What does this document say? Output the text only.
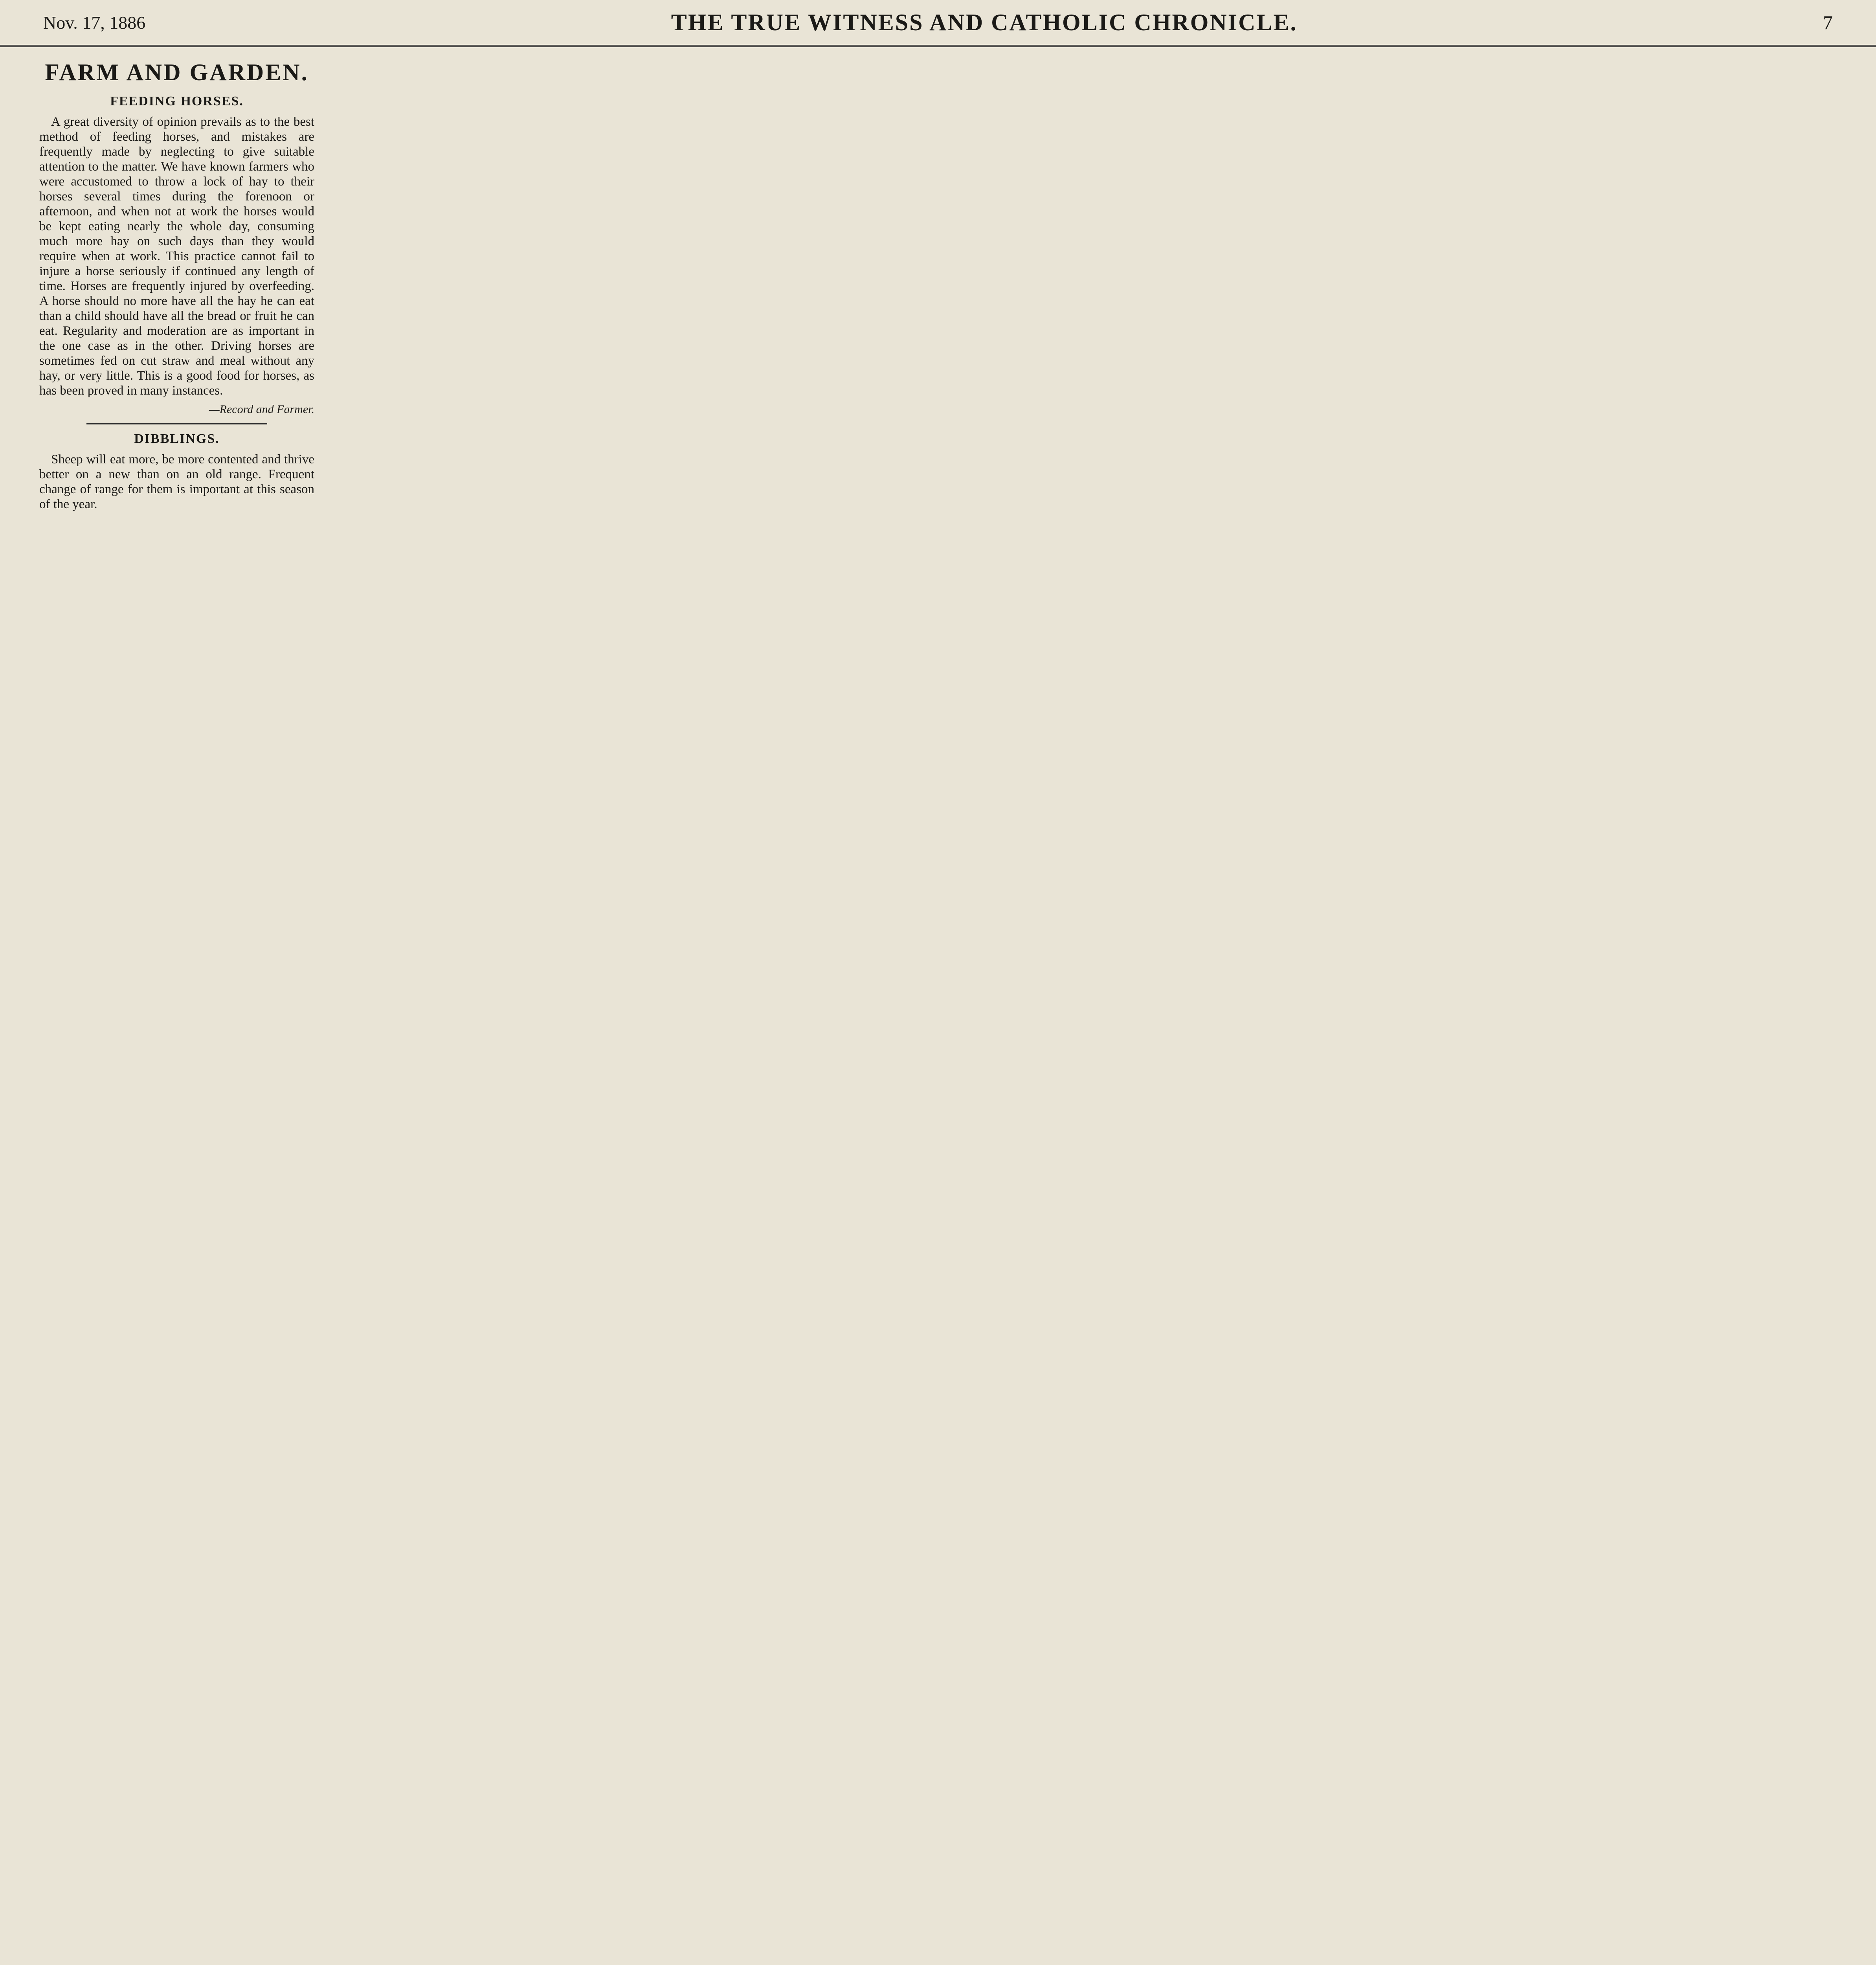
Nov. 17, 1886	THE TRUE WITNESS AND CATHOLIC CHRONICLE.	7
FARM AND GARDEN.
FEEDING HORSES.

A great diversity of opinion prevails as to the best method of feeding horses, and mistakes are frequently made by neglecting to give suitable attention to the matter. We have known farmers who were accustomed to throw a lock of hay to their horses several times during the forenoon or afternoon, and when not at work the horses would be kept eating nearly the whole day, consuming much more hay on such days than they would require when at work. This practice cannot fail to injure a horse seriously if continued any length of time. Horses are frequently injured by overfeeding. A horse should no more have all the hay he can eat than a child should have all the bread or fruit he can eat. Regularity and moderation are as important in the one case as in the other. Driving horses are sometimes fed on cut straw and meal without any hay, or very little. This is a good food for horses, as has been proved in many instances.

—Record and Farmer.
DIBBLINGS.

Sheep will eat more, be more contented and thrive better on a new than on an old range. Frequent change of range for them is important at this season of the year.
